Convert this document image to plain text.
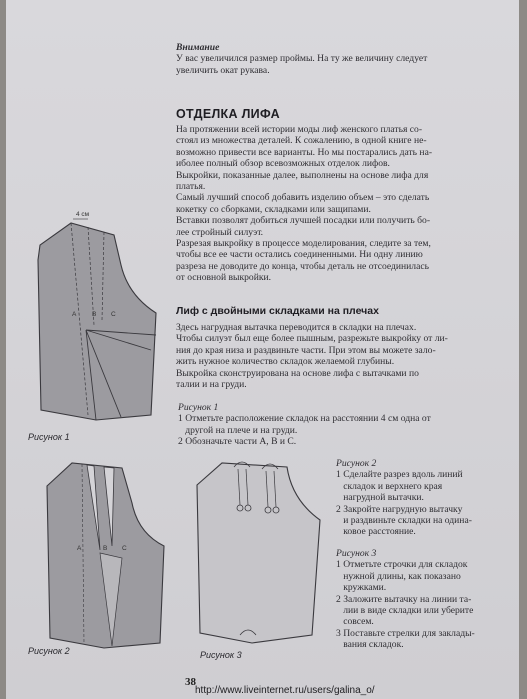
Внимание

У вас увеличился размер проймы. На ту же величину следует

увеличить окат рукава.

ОТДЕЛКА ЛИФА

На протяжении всей истории моды лиф женского платья со-

стоял из множества деталей. К сожалению, в одной книге не-

возможно привести все варианты. Но мы постарались дать на-

иболее полный обзор всевозможных отделок лифов.

Выкройки, показанные далее, выполнены на основе лифа для

платья.

Самый лучший способ добавить изделию объем – это сделать

кокетку со сборками, складками или защипами.

Вставки позволят добиться лучшей посадки или получить бо-

лее стройный силуэт.

Разрезая выкройку в процессе моделирования, следите за тем,

чтобы все ее части остались соединенными. Ни одну линию

разреза не доводите до конца, чтобы деталь не отсоединилась

от основной выкройки.

Лиф с двойными складками на плечах

Здесь нагрудная вытачка переводится в складки на плечах.

Чтобы силуэт был еще более пышным, разрежьте выкройку от ли-

ния до края низа и раздвиньте части. При этом вы можете зало-

жить нужное количество складок желаемой глубины.

Выкройка сконструирована на основе лифа с вытачками по

талии и на груди.

Рисунок 1

1 Отметьте расположение складок на расстоянии 4 см одна от

другой на плече и на груди.

2 Обозначьте части А, В и С.

Рисунок 2

1 Сделайте разрез вдоль линий

складок и верхнего края

нагрудной вытачки.

2 Закройте нагрудную вытачку

и раздвиньте складки на одина-

ковое расстояние.

Рисунок 3

1 Отметьте строчки для складок

нужной длины, как показано

кружками.

2 Заложите вытачку на линии та-

лии в виде складки или уберите

совсем.

3 Поставьте стрелки для заклады-

вания складок.

4 см
A B C
Рисунок 1
A	B C
Рисунок 2	Рисунок 3
38
http://www.liveinternet.ru/users/galina_o/
